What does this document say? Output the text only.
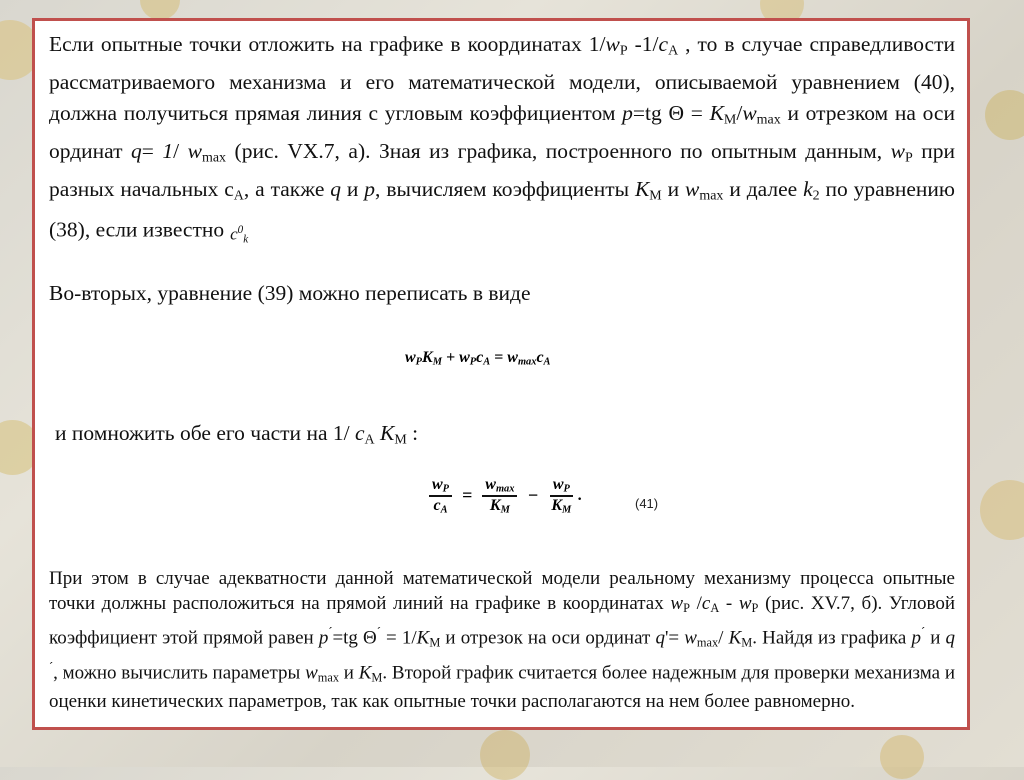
Если опытные точки отложить на графике в координатах $1/w_Р$ $-1/c_A$ , то в случае справедливости рассматриваемого механизма и его математической модели, описываемой уравнением (40), должна получиться прямая линия с угловым коэффициентом p=tg $\Theta = K_M/w_{max}$ и отрезком на оси ординат q= 1/ $w_{max}$ (рис. VX.7, а). Зная из графика, построенного по опытным данным, $w_Р$ при разных начальных $с_A$, а также q и p, вычисляем коэффициенты $K_M$ и $w_{max}$ и далее $k_2$ по уравнению (38), если известно $c^0_k$
Во-вторых, уравнение (39) можно переписать в виде
$w_PK_M + w_Pc_A = w_{max}c_A$
и помножить обе его части на 1/ $c_A$ $K_M$ :
$\frac{w_P}{c_A} = \frac{w_{max}}{K_M} - \frac{w_P}{K_M}$ .	(41)
При этом в случае адекватности данной математической модели реальному механизму процесса опытные точки должны расположиться на прямой линий на графике в координатах $w_Р$ $/c_A - w_Р$ (рис. XV.7, б). Угловой коэффициент этой прямой равен p´=tg $\Theta^´ = 1/K_M$ и отрезок на оси ординат $q'= w_{max}/$ $K_M$. Найдя из графика p´ и q´, можно вычислить параметры $w_{max}$ и $K_M$. Второй график считается более надежным для проверки механизма и оценки кинетических параметров, так как опытные точки располагаются на нем более равномерно.
